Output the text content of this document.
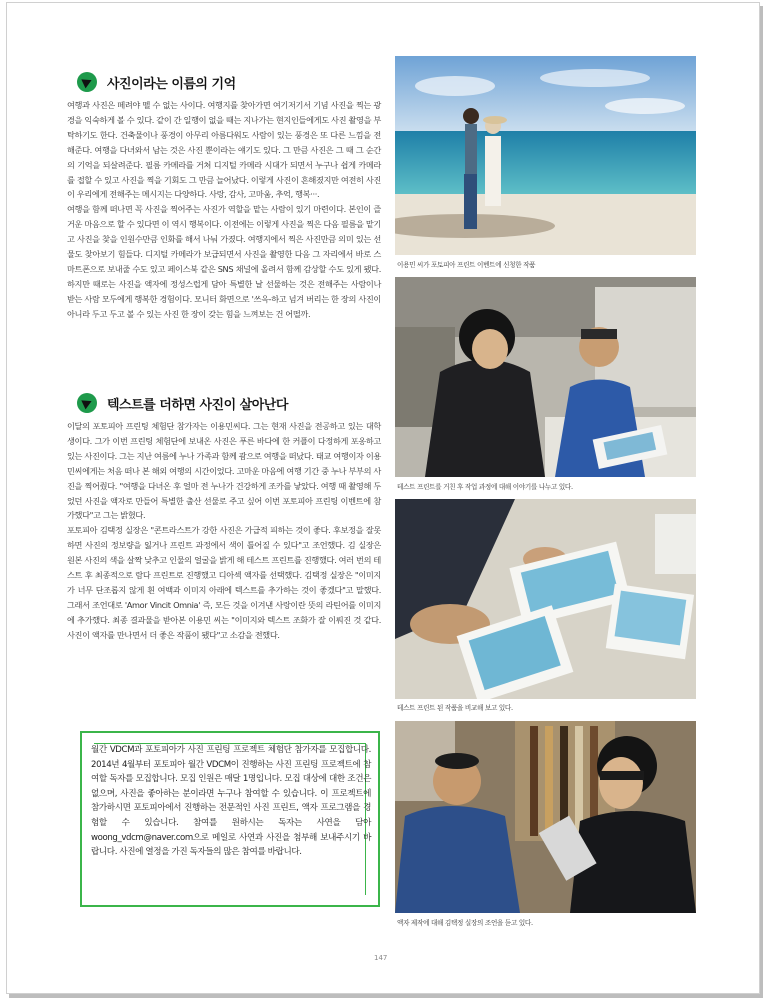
사진이라는 이름의 기억

여행과 사진은 떼려야 뗄 수 없는 사이다. 여행지를 찾아가면 여기저기서 기념 사진을 찍는 광경을 익숙하게 볼 수 있다. 같이 간 일행이 없을 때는 지나가는 현지인들에게도 사진 촬영을 부탁하기도 한다. 건축물이나 풍경이 아무리 아름다워도 사람이 있는 풍경은 또 다른 느낌을 전해준다. 여행을 다녀와서 남는 것은 사진 뿐이라는 얘기도 있다. 그 만큼 사진은 그 때 그 순간의 기억을 되살려준다. 필름 카메라를 거쳐 디지털 카메라 시대가 되면서 누구나 쉽게 카메라를 접할 수 있고 사진을 찍을 기회도 그 만큼 늘어났다. 이렇게 사진이 흔해졌지만 여전히 사진이 우리에게 전해주는 메시지는 다양하다. 사랑, 감사, 고마움, 추억, 행복···.

여행을 함께 떠나면 꼭 사진을 찍어주는 사진가 역할을 맡는 사람이 있기 마련이다. 본인이 즐거운 마음으로 할 수 있다면 이 역시 행복이다. 이전에는 이렇게 사진을 찍은 다음 필름을 맡기고 사진을 찾을 인원수만큼 인화를 해서 나눠 가졌다. 여행지에서 찍은 사진만큼 의미 있는 선물도 찾아보기 힘들다. 디지털 카메라가 보급되면서 사진을 촬영한 다음 그 자리에서 바로 스마트폰으로 보내줄 수도 있고 페이스북 같은 SNS 채널에 올려서 함께 감상할 수도 있게 됐다. 하지만 때로는 사진을 액자에 정성스럽게 담아 특별한 날 선물하는 것은 전해주는 사람이나 받는 사람 모두에게 행복한 경험이다. 모니터 화면으로 '쓰윽-하고 넘겨 버리는 한 장의 사진이 아니라 두고 두고 볼 수 있는 사진 한 장이 갖는 힘을 느껴보는 건 어떨까.

텍스트를 더하면 사진이 살아난다

이달의 포토피아 프린팅 체험단 참가자는 이용민씨다. 그는 현재 사진을 전공하고 있는 대학생이다. 그가 이번 프린팅 체험단에 보내온 사진은 푸른 바다에 한 커플이 다정하게 포옹하고 있는 사진이다. 그는 지난 여름에 누나 가족과 함께 괌으로 여행을 떠났다. 태교 여행이자 이용민씨에게는 처음 떠나 본 해외 여행의 시간이었다. 고마운 마음에 여행 기간 중 누나 부부의 사진을 찍어줬다. "여행을 다녀온 후 얼마 전 누나가 건강하게 조카를 낳았다. 여행 때 촬영해 두었던 사진을 액자로 만들어 특별한 출산 선물로 주고 싶어 이번 포토피아 프린팅 이벤트에 참가했다"고 그는 밝혔다.

포토피아 김택정 실장은 "콘트라스트가 강한 사진은 가급적 피하는 것이 좋다. 후보정을 잘못하면 사진의 정보량을 잃거나 프린트 과정에서 색이 틀어질 수 있다"고 조언했다. 김 실장은 원본 사진의 색을 살짝 낮추고 인물의 얼굴을 밝게 해 테스트 프린트를 진행했다. 여러 번의 테스트 후 최종적으로 람다 프린트로 진행했고 디아섹 액자를 선택했다. 김택정 실장은 "이미지가 너무 단조롭지 않게 흰 여백과 이미지 아래에 텍스트를 추가하는 것이 좋겠다"고 말했다. 그래서 조언대로 'Amor Vincit Omnia' 즉, 모든 것을 이겨낸 사랑이란 뜻의 라틴어를 이미지에 추가했다. 최종 결과물을 받아본 이용민 씨는 "이미지와 텍스트 조화가 잘 이뤄진 것 같다. 사진이 액자를 만나면서 더 좋은 작품이 됐다"고 소감을 전했다.

월간 VDCM과 포토피아가 사진 프린팅 프로젝트 체험단 참가자를 모집합니다. 2014년 4월부터 포토피아 월간 VDCM이 진행하는 사진 프린팅 프로젝트에 참여할 독자를 모집합니다. 모집 인원은 매달 1명입니다. 모집 대상에 대한 조건은 없으며, 사진을 좋아하는 분이라면 누구나 참여할 수 있습니다. 이 프로젝트에 참가하시면 포토피아에서 진행하는 전문적인 사진 프린트, 액자 프로그램을 경험할 수 있습니다. 참여를 원하시는 독자는 사연을 담아 woong_vdcm@naver.com으로 메일로 사연과 사진을 첨부해 보내주시기 바랍니다. 사진에 열정을 가진 독자들의 많은 참여를 바랍니다.
이용민 씨가 포토피아 프린트 이벤트에 신청한 작품
테스트 프린트를 거친 후 작업 과정에 대해 이야기를 나누고 있다.
테스트 프린트 된 작품을 비교해 보고 있다.
액자 제작에 대해 김택정 실장의 조언을 듣고 있다.
147
